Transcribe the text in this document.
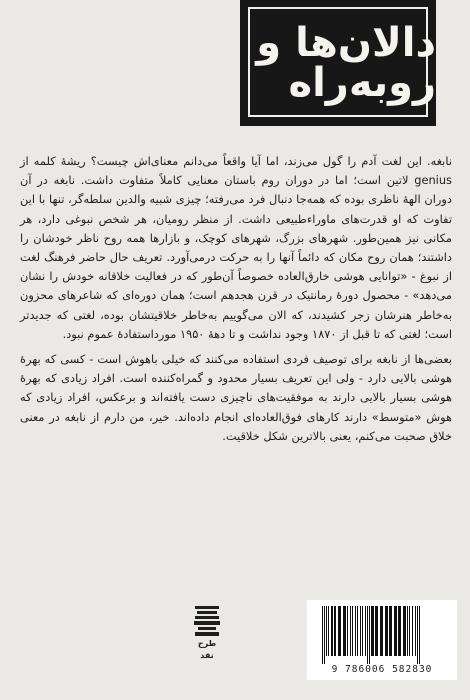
دالان‌ها و روبه‌راه

نابغه. این لغت آدم را گول می‌زند، اما آیا واقعاً می‌دانم معنای‌اش چیست؟ ریشهٔ کلمه از genius لاتین است؛ اما در دوران روم باستان معنایی کاملاً متفاوت داشت. نابغه در آن دوران الههٔ ناظری بوده که همه‌جا دنبال فرد می‌رفته؛ چیزی شبیه والدین سلطه‌گر، تنها با این تفاوت که او قدرت‌های ماوراءطبیعی داشت. از منظر رومیان، هر شخص نبوغی دارد، هر مکانی نیز همین‌طور. شهرهای بزرگ، شهرهای کوچک، و بازارها همه روح ناظر خودشان را داشتند؛ همان روح مکان که دائماً آنها را به حرکت درمی‌آورد. تعریف حال حاضر فرهنگ لغت از نبوغ - «توانایی هوشی خارق‌العاده خصوصاً آن‌طور که در فعالیت خلاقانه خودش را نشان می‌دهد» - محصول دورهٔ رمانتیک در قرن هجدهم است؛ همان دوره‌ای که شاعرهای محزون به‌خاطر هنرشان زجر کشیدند، که الان می‌گوییم به‌خاطر خلاقیتشان بوده، لغتی که جدیدتر است؛ لغتی که تا قبل از ۱۸۷۰ وجود نداشت و تا دههٔ ۱۹۵۰ مورداستفادهٔ عموم نبود.

بعضی‌ها از نابغه برای توصیف فردی استفاده می‌کنند که خیلی باهوش است - کسی که بهرهٔ هوشی بالایی دارد - ولی این تعریف بسیار محدود و گمراه‌کننده است. افراد زیادی که بهرهٔ هوشی بسیار بالایی دارند به موفقیت‌های ناچیزی دست یافته‌اند و برعکس، افراد زیادی که هوش «متوسط» دارند کارهای فوق‌العاده‌ای انجام داده‌اند. خیر، من دارم از نابغه در معنی خلاق صحبت می‌کنم، یعنی بالاترین شکل خلاقیت.

طرح
نقد
9 786006 582830
